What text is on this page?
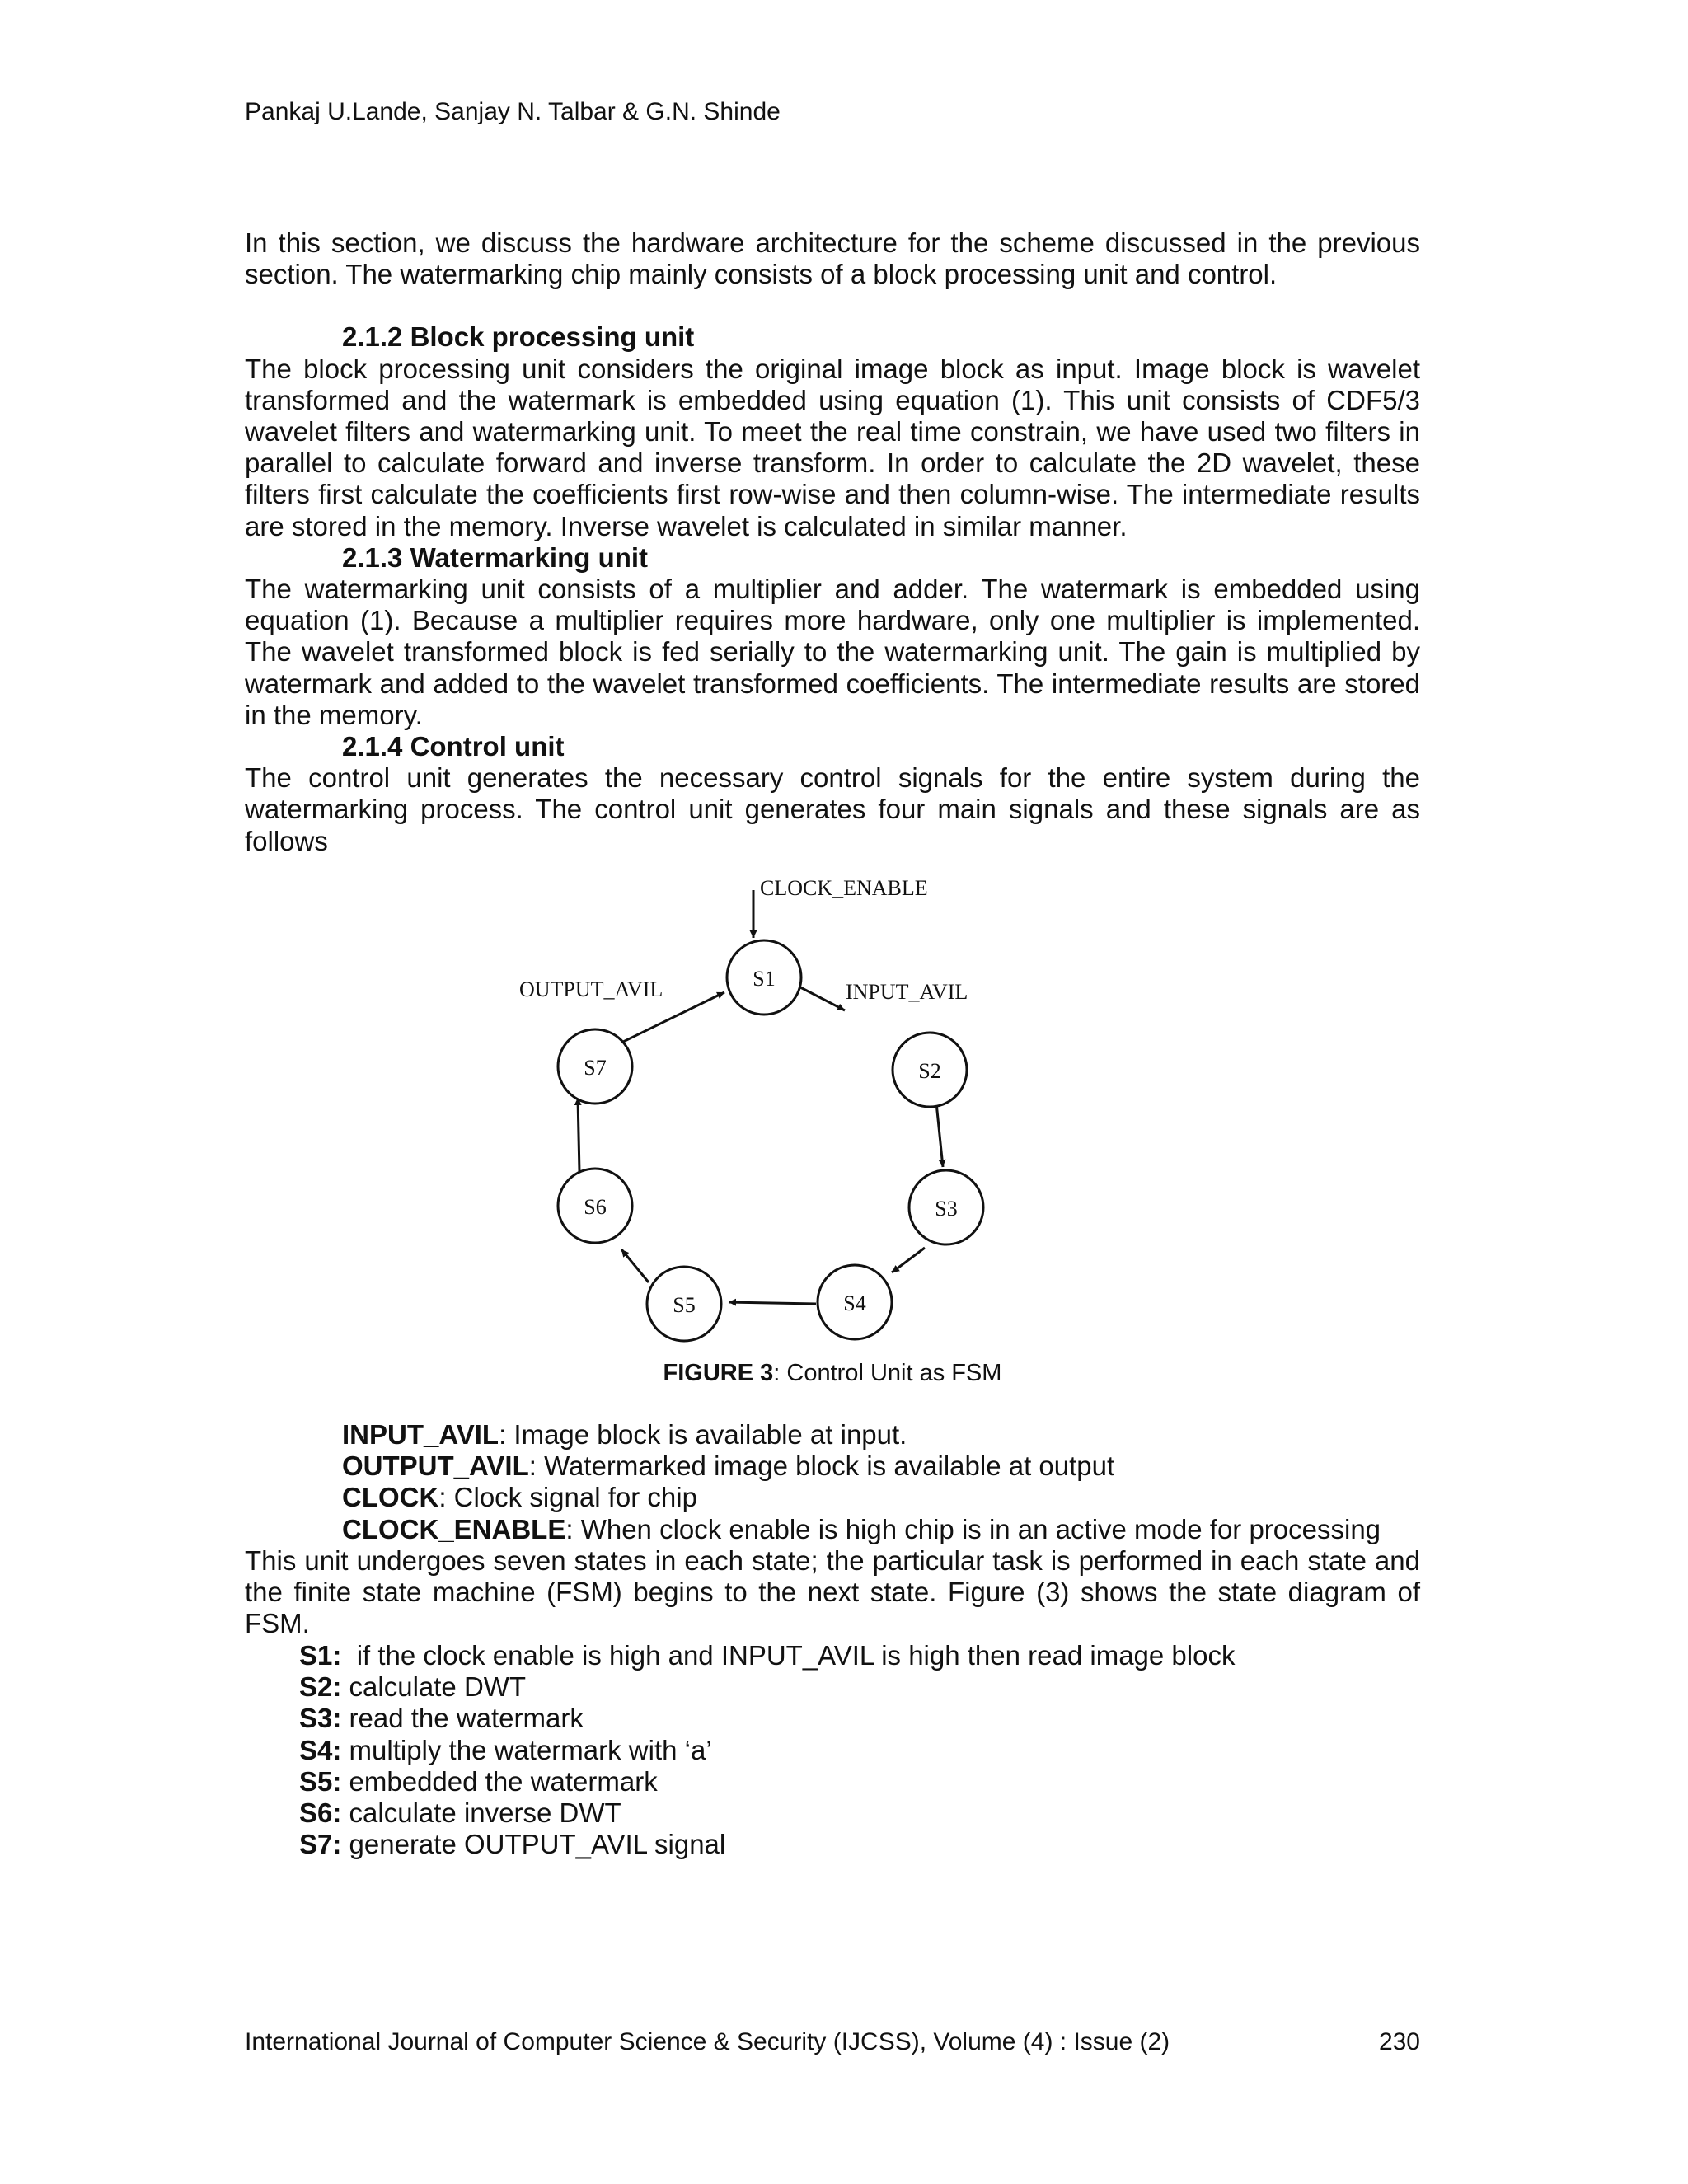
Pankaj U.Lande, Sanjay N. Talbar & G.N. Shinde

In this section, we discuss the hardware architecture for the scheme discussed in the previous section. The watermarking chip mainly consists of a block processing unit and control.

2.1.2 Block processing unit

The block processing unit considers the original image block as input. Image block is wavelet transformed and the watermark is embedded using equation (1). This unit consists of CDF5/3 wavelet filters and watermarking unit. To meet the real time constrain, we have used two filters in parallel to calculate forward and inverse transform. In order to calculate the 2D wavelet, these filters first calculate the coefficients first row-wise and then column-wise. The intermediate results are stored in the memory. Inverse wavelet is calculated in similar manner.

2.1.3 Watermarking unit

The watermarking unit consists of a multiplier and adder. The watermark is embedded using equation (1). Because a multiplier requires more hardware, only one multiplier is implemented. The wavelet transformed block is fed serially to the watermarking unit. The gain is multiplied by watermark and added to the wavelet transformed coefficients. The intermediate results are stored in the memory.

2.1.4 Control unit

The control unit generates the necessary control signals for the entire system during the watermarking process. The control unit generates four main signals and these signals are as follows

S1
S2
S3
S4
S5
S6
S7
CLOCK_ENABLE
OUTPUT_AVIL	INPUT_AVIL
FIGURE 3: Control Unit as FSM

INPUT_AVIL: Image block is available at input.

OUTPUT_AVIL: Watermarked image block is available at output

CLOCK: Clock signal for chip

CLOCK_ENABLE: When clock enable is high chip is in an active mode for processing

This unit undergoes seven states in each state; the particular task is performed in each state and the finite state machine (FSM) begins to the next state. Figure (3) shows the state diagram of FSM.

S1:  if the clock enable is high and INPUT_AVIL is high then read image block

S2: calculate DWT

S3: read the watermark

S4: multiply the watermark with ‘a’

S5: embedded the watermark

S6: calculate inverse DWT

S7: generate OUTPUT_AVIL signal

International Journal of Computer Science & Security (IJCSS), Volume (4) : Issue (2)	230
